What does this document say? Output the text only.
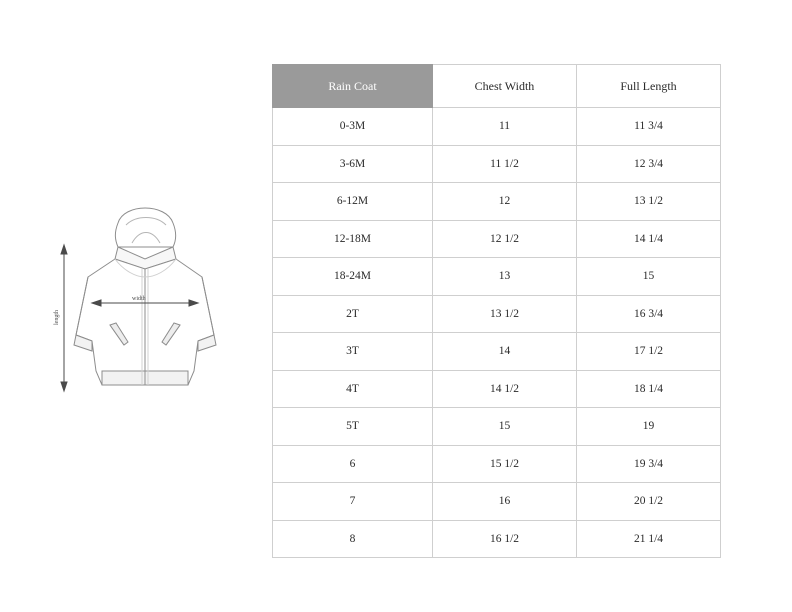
length
width
Rain Coat	Chest Width	Full Length
0-3M	11	11 3/4
3-6M	11 1/2	12 3/4
6-12M	12	13 1/2
12-18M	12 1/2	14 1/4
18-24M	13	15
2T	13 1/2	16 3/4
3T	14	17 1/2
4T	14 1/2	18 1/4
5T	15	19
6	15 1/2	19 3/4
7	16	20 1/2
8	16 1/2	21 1/4
